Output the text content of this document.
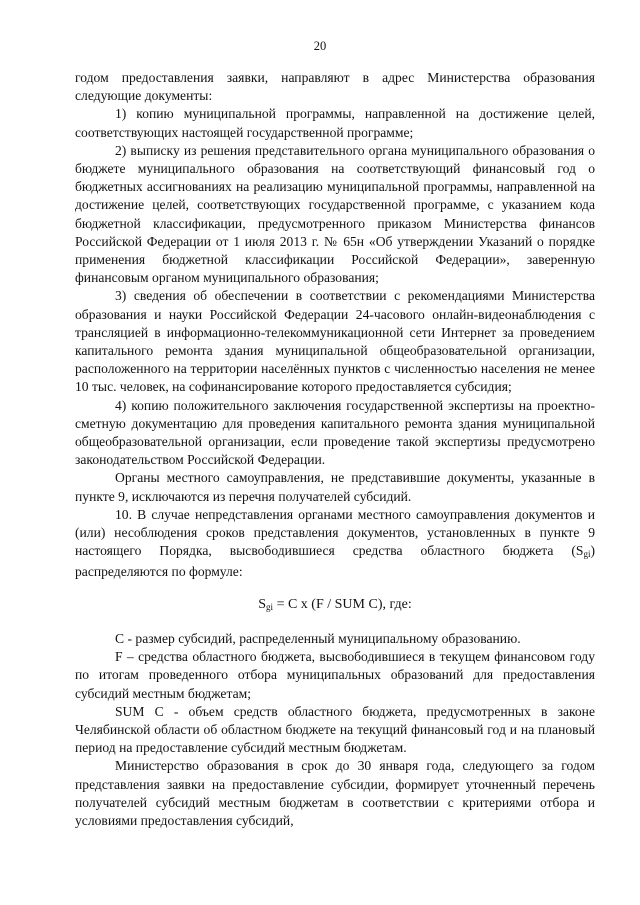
20

годом предоставления заявки, направляют в адрес Министерства образования следующие документы:

1) копию муниципальной программы, направленной на достижение целей, соответствующих настоящей государственной программе;

2) выписку из решения представительного органа муниципального образования о бюджете муниципального образования на соответствующий финансовый год о бюджетных ассигнованиях на реализацию муниципальной программы, направленной на достижение целей, соответствующих государственной программе, с указанием кода бюджетной классификации, предусмотренного приказом Министерства финансов Российской Федерации от 1 июля 2013 г. № 65н «Об утверждении Указаний о порядке применения бюджетной классификации Российской Федерации», заверенную финансовым органом муниципального образования;

3) сведения об обеспечении в соответствии с рекомендациями Министерства образования и науки Российской Федерации 24-часового онлайн-видеонаблюдения с трансляцией в информационно-телекоммуникационной сети Интернет за проведением капитального ремонта здания муниципальной общеобразовательной организации, расположенного на территории населённых пунктов с численностью населения не менее 10 тыс. человек, на софинансирование которого предоставляется субсидия;

4) копию положительного заключения государственной экспертизы на проектно-сметную документацию для проведения капитального ремонта здания муниципальной общеобразовательной организации, если проведение такой экспертизы предусмотрено законодательством Российской Федерации.

Органы местного самоуправления, не представившие документы, указанные в пункте 9, исключаются из перечня получателей субсидий.

10. В случае непредставления органами местного самоуправления документов и (или) несоблюдения сроков представления документов, установленных в пункте 9 настоящего Порядка, высвободившиеся средства областного бюджета (Sgi) распределяются по формуле:

$S_{gi} = C$ x (F / SUM C), где:

С - размер субсидий, распределенный муниципальному образованию.

F – средства областного бюджета, высвободившиеся в текущем финансовом году по итогам проведенного отбора муниципальных образований для предоставления субсидий местным бюджетам;

SUM C - объем средств областного бюджета, предусмотренных в законе Челябинской области об областном бюджете на текущий финансовый год и на плановый период на предоставление субсидий местным бюджетам.

Министерство образования в срок до 30 января года, следующего за годом представления заявки на предоставление субсидии, формирует уточненный перечень получателей субсидий местным бюджетам в соответствии с критериями отбора и условиями предоставления субсидий,
